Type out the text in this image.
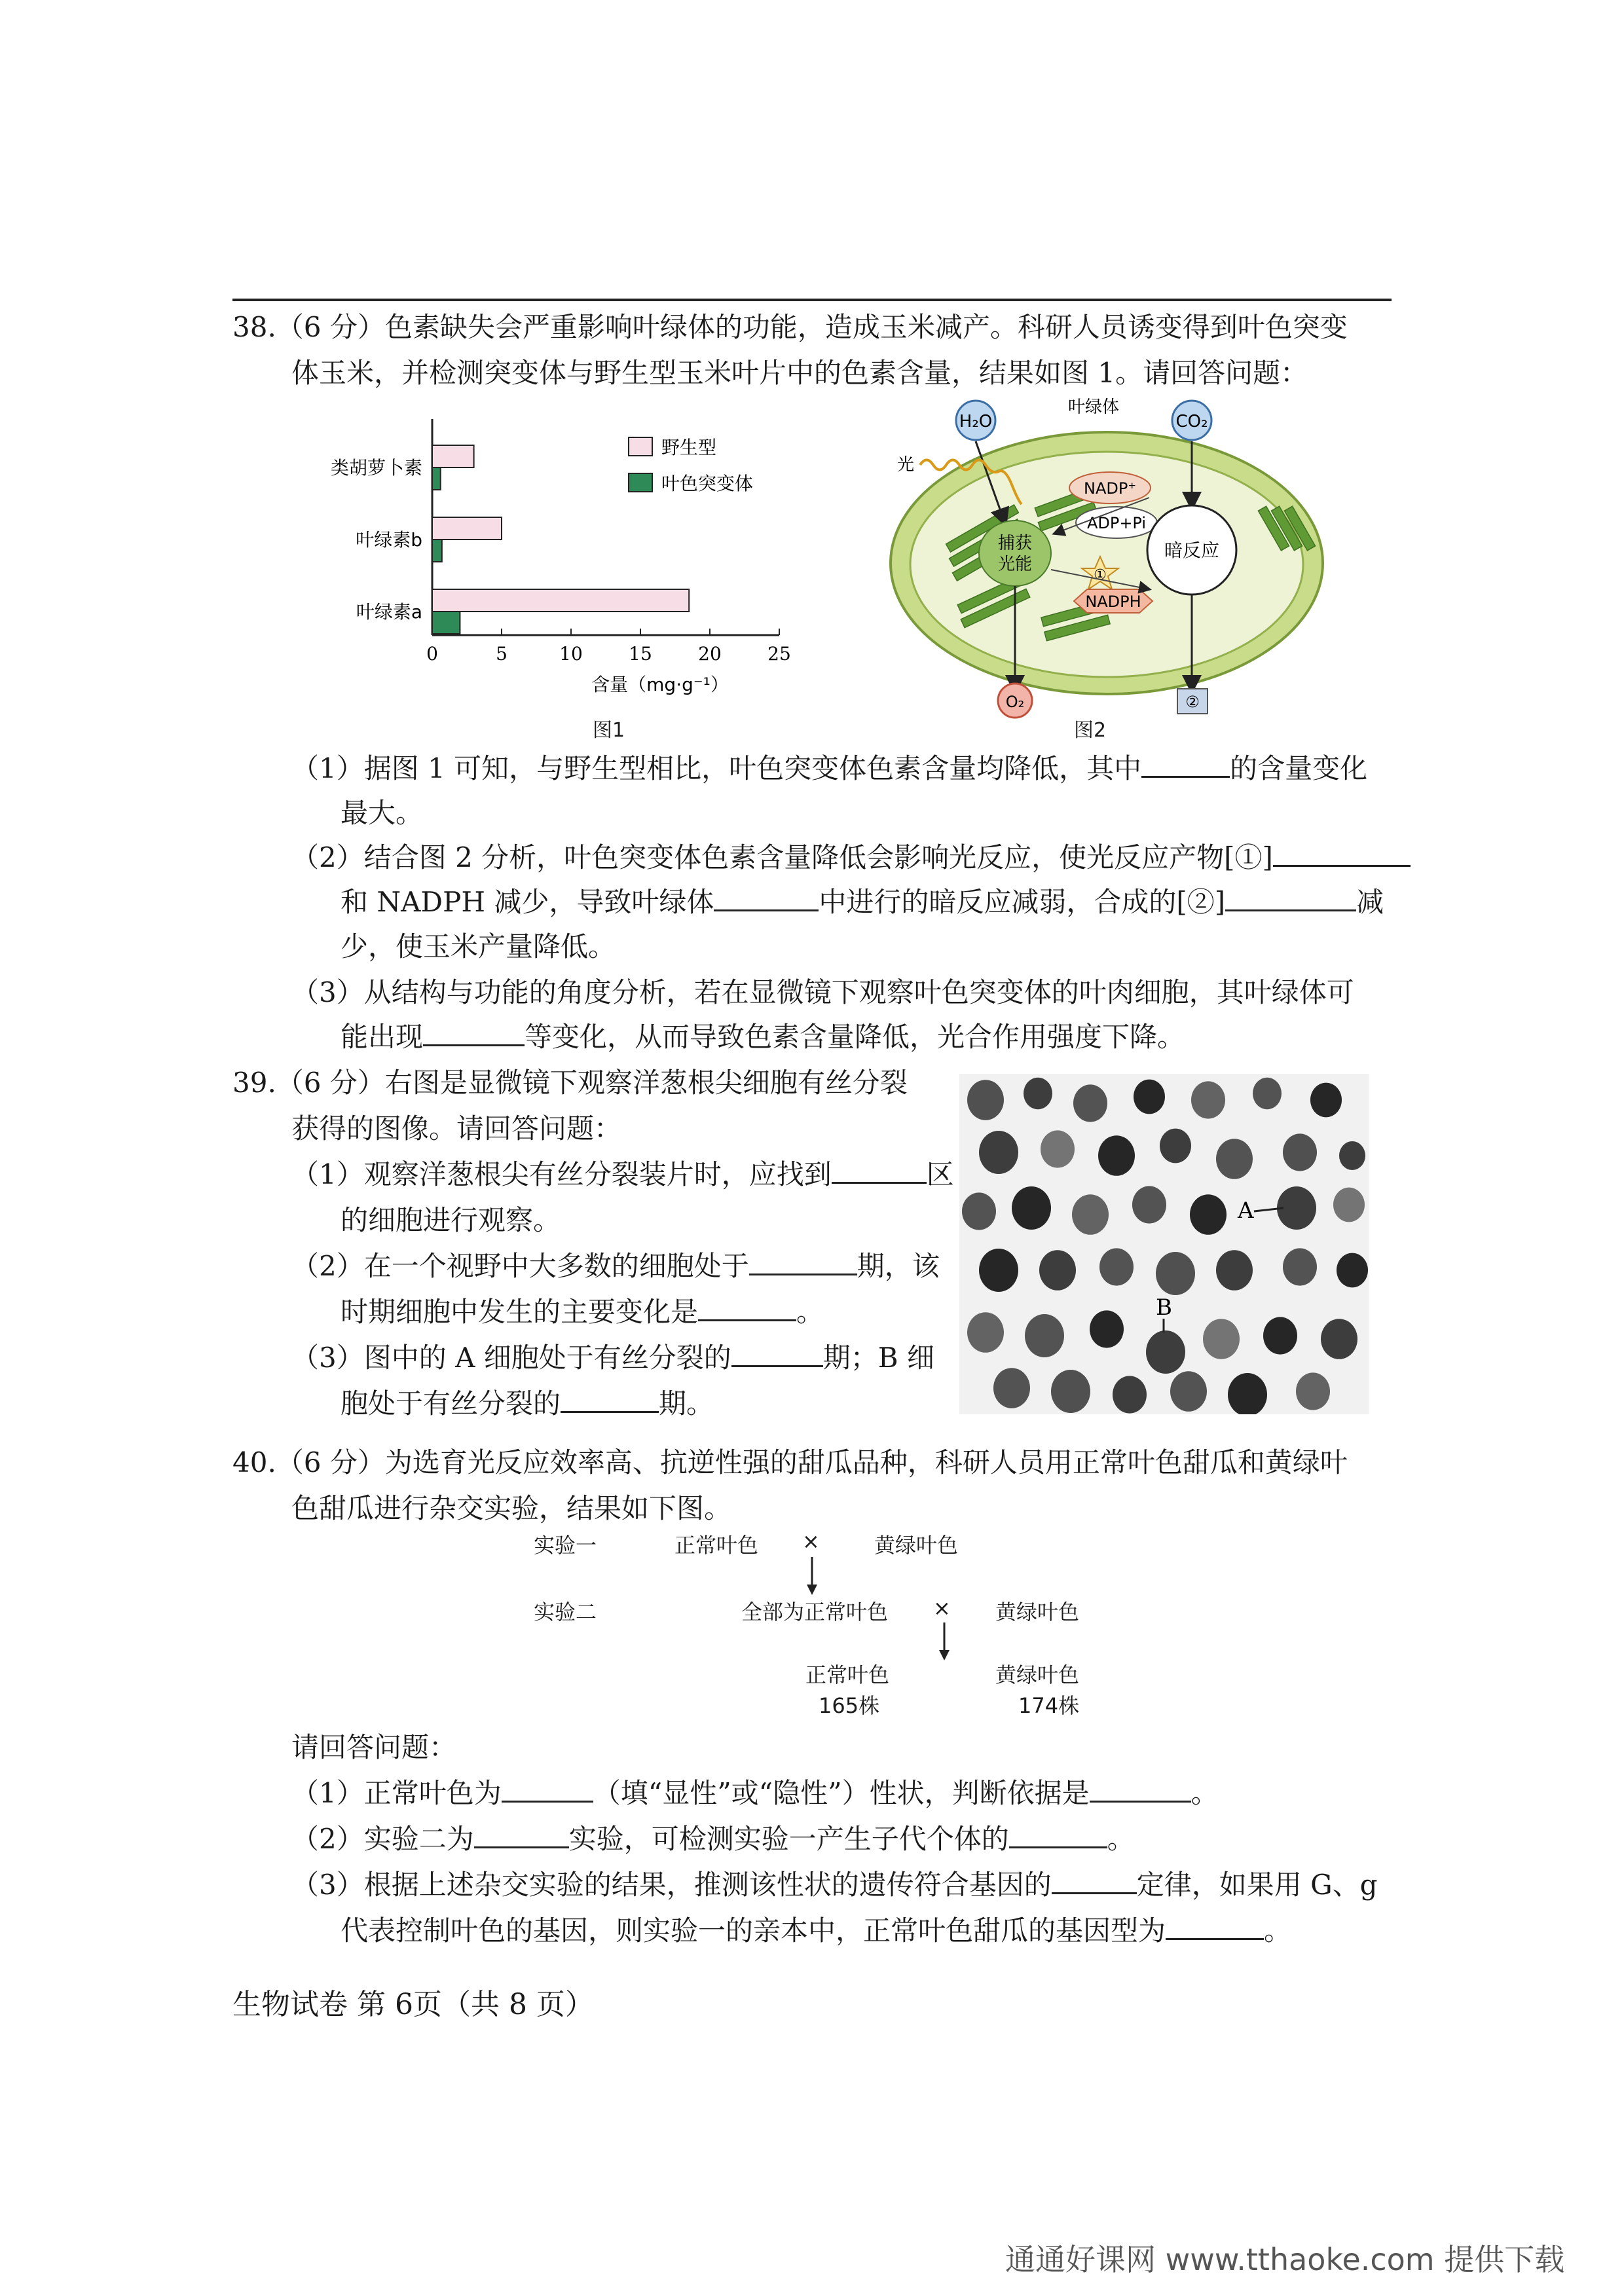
38.（6 分）色素缺失会严重影响叶绿体的功能，造成玉米减产。科研人员诱变得到叶色突变
体玉米，并检测突变体与野生型玉米叶片中的色素含量，结果如图 1。请回答问题：
0	5	10	15	20	25
含量（mg·g⁻¹）
类胡萝卜素
叶绿素b
叶绿素a
野生型
叶色突变体
图1
H₂O	CO₂
叶绿体
光
捕获
光能
NADP⁺
ADP+Pi
①
NADPH
暗反应
O₂	②
图2
（1）据图 1 可知，与野生型相比，叶色突变体色素含量均降低，其中	的含量变化
最大。
（2）结合图 2 分析，叶色突变体色素含量降低会影响光反应，使光反应产物[①]
和 NADPH 减少，导致叶绿体	中进行的暗反应减弱，合成的[②]	减
少，使玉米产量降低。
（3）从结构与功能的角度分析，若在显微镜下观察叶色突变体的叶肉细胞，其叶绿体可
能出现	等变化，从而导致色素含量降低，光合作用强度下降。
39.（6 分）右图是显微镜下观察洋葱根尖细胞有丝分裂
获得的图像。请回答问题：
（1）观察洋葱根尖有丝分裂装片时，应找到	区
的细胞进行观察。
（2）在一个视野中大多数的细胞处于	期，该
时期细胞中发生的主要变化是	。
（3）图中的 A 细胞处于有丝分裂的	期；B 细
胞处于有丝分裂的	期。
A
B
40.（6 分）为选育光反应效率高、抗逆性强的甜瓜品种，科研人员用正常叶色甜瓜和黄绿叶
色甜瓜进行杂交实验，结果如下图。
实验一	正常叶色 ×	黄绿叶色
实验二	全部为正常叶色 × 黄绿叶色
正常叶色
165株
黄绿叶色
174株
请回答问题：
（1）正常叶色为	（填“显性”或“隐性”）性状，判断依据是	。
（2）实验二为	实验，可检测实验一产生子代个体的	。
（3）根据上述杂交实验的结果，推测该性状的遗传符合基因的	定律，如果用 G、g
代表控制叶色的基因，则实验一的亲本中，正常叶色甜瓜的基因型为	。
生物试卷 第 6页（共 8 页）
通通好课网 www.tthaoke.com 提供下载
